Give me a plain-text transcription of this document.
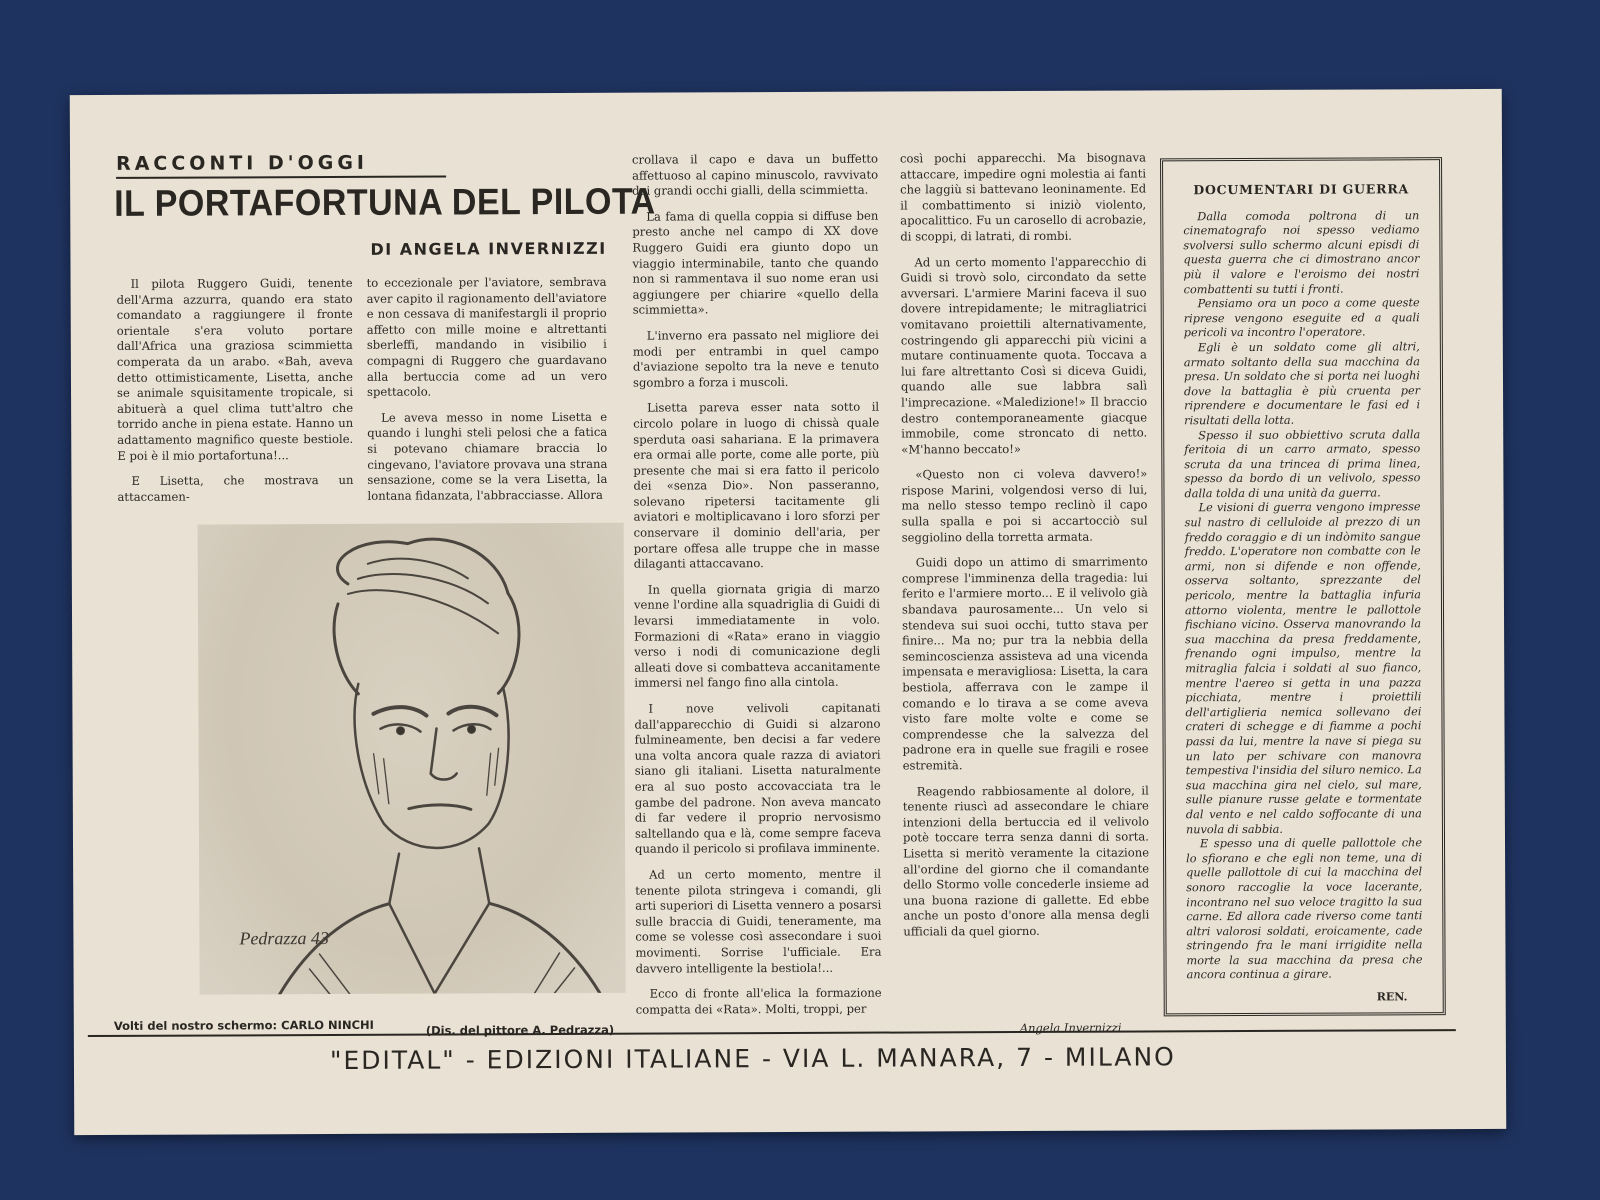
RACCONTI D'OGGI
IL PORTAFORTUNA DEL PILOTA
DI ANGELA INVERNIZZI

Il pilota Ruggero Guidi, tenente dell'Arma azzurra, quando era stato comandato a raggiungere il fronte orientale s'era voluto portare dall'Africa una graziosa scimmietta comperata da un arabo. «Bah, aveva detto ottimisticamente, Lisetta, anche se animale squisitamente tropicale, si abituerà a quel clima tutt'altro che torrido anche in piena estate. Hanno un adattamento magnifico queste bestiole. E poi è il mio portafortuna!...

E Lisetta, che mostrava un attaccamen-

to eccezionale per l'aviatore, sembrava aver capito il ragionamento dell'aviatore e non cessava di manifestargli il proprio affetto con mille moine e altrettanti sberleffi, mandando in visibilio i compagni di Ruggero che guardavano alla bertuccia come ad un vero spettacolo.

Le aveva messo in nome Lisetta e quando i lunghi steli pelosi che a fatica si potevano chiamare braccia lo cingevano, l'aviatore provava una strana sensazione, come se la vera Lisetta, la lontana fidanzata, l'abbracciasse. Allora

crollava il capo e dava un buffetto affettuoso al capino minuscolo, ravvivato dai grandi occhi gialli, della scimmietta.

La fama di quella coppia si diffuse ben presto anche nel campo di XX dove Ruggero Guidi era giunto dopo un viaggio interminabile, tanto che quando non si rammentava il suo nome eran usi aggiungere per chiarire «quello della scimmietta».

L'inverno era passato nel migliore dei modi per entrambi in quel campo d'aviazione sepolto tra la neve e tenuto sgombro a forza i muscoli.

Lisetta pareva esser nata sotto il circolo polare in luogo di chissà quale sperduta oasi sahariana. E la primavera era ormai alle porte, come alle porte, più presente che mai si era fatto il pericolo dei «senza Dio». Non passeranno, solevano ripetersi tacitamente gli aviatori e moltiplicavano i loro sforzi per conservare il dominio dell'aria, per portare offesa alle truppe che in masse dilaganti attaccavano.

In quella giornata grigia di marzo venne l'ordine alla squadriglia di Guidi di levarsi immediatamente in volo. Formazioni di «Rata» erano in viaggio verso i nodi di comunicazione degli alleati dove si combatteva accanitamente immersi nel fango fino alla cintola.

I nove velivoli capitanati dall'apparecchio di Guidi si alzarono fulmineamente, ben decisi a far vedere una volta ancora quale razza di aviatori siano gli italiani. Lisetta naturalmente era al suo posto accovacciata tra le gambe del padrone. Non aveva mancato di far vedere il proprio nervosismo saltellando qua e là, come sempre faceva quando il pericolo si profilava imminente.

Ad un certo momento, mentre il tenente pilota stringeva i comandi, gli arti superiori di Lisetta vennero a posarsi sulle braccia di Guidi, teneramente, ma come se volesse così assecondare i suoi movimenti. Sorrise l'ufficiale. Era davvero intelligente la bestiola!...

Ecco di fronte all'elica la formazione compatta dei «Rata». Molti, troppi, per

così pochi apparecchi. Ma bisognava attaccare, impedire ogni molestia ai fanti che laggiù si battevano leoninamente. Ed il combattimento si iniziò violento, apocalittico. Fu un carosello di acrobazie, di scoppi, di latrati, di rombi.

Ad un certo momento l'apparecchio di Guidi si trovò solo, circondato da sette avversari. L'armiere Marini faceva il suo dovere intrepidamente; le mitragliatrici vomitavano proiettili alternativamente, costringendo gli apparecchi più vicini a mutare continuamente quota. Toccava a lui fare altrettanto Così si diceva Guidi, quando alle sue labbra salì l'imprecazione. «Maledizione!» Il braccio destro contemporaneamente giacque immobile, come stroncato di netto. «M'hanno beccato!»

«Questo non ci voleva davvero!» rispose Marini, volgendosi verso di lui, ma nello stesso tempo reclinò il capo sulla spalla e poi si accartocciò sul seggiolino della torretta armata.

Guidi dopo un attimo di smarrimento comprese l'imminenza della tragedia: lui ferito e l'armiere morto... E il velivolo già sbandava paurosamente... Un velo si stendeva sui suoi occhi, tutto stava per finire... Ma no; pur tra la nebbia della semincoscienza assisteva ad una vicenda impensata e meravigliosa: Lisetta, la cara bestiola, afferrava con le zampe il comando e lo tirava a se come aveva visto fare molte volte e come se comprendesse che la salvezza del padrone era in quelle sue fragili e rosee estremità.

Reagendo rabbiosamente al dolore, il tenente riuscì ad assecondare le chiare intenzioni della bertuccia ed il velivolo potè toccare terra senza danni di sorta. Lisetta si meritò veramente la citazione all'ordine del giorno che il comandante dello Stormo volle concederle insieme ad una buona razione di gallette. Ed ebbe anche un posto d'onore alla mensa degli ufficiali da quel giorno.

Angela Invernizzi
Pedrazza 43
Volti del nostro schermo: CARLO NINCHI	(Dis. del pittore A. Pedrazza)
DOCUMENTARI DI GUERRA

Dalla comoda poltrona di un cinematografo noi spesso vediamo svolversi sullo schermo alcuni episdi di questa guerra che ci dimostrano ancor più il valore e l'eroismo dei nostri combattenti su tutti i fronti.

Pensiamo ora un poco a come queste riprese vengono eseguite ed a quali pericoli va incontro l'operatore.

Egli è un soldato come gli altri, armato soltanto della sua macchina da presa. Un soldato che si porta nei luoghi dove la battaglia è più cruenta per riprendere e documentare le fasi ed i risultati della lotta.

Spesso il suo obbiettivo scruta dalla feritoia di un carro armato, spesso scruta da una trincea di prima linea, spesso da bordo di un velivolo, spesso dalla tolda di una unità da guerra.

Le visioni di guerra vengono impresse sul nastro di celluloide al prezzo di un freddo coraggio e di un indòmito sangue freddo. L'operatore non combatte con le armi, non si difende e non offende, osserva soltanto, sprezzante del pericolo, mentre la battaglia infuria attorno violenta, mentre le pallottole fischiano vicino. Osserva manovrando la sua macchina da presa freddamente, frenando ogni impulso, mentre la mitraglia falcia i soldati al suo fianco, mentre l'aereo si getta in una pazza picchiata, mentre i proiettili dell'artiglieria nemica sollevano dei crateri di schegge e di fiamme a pochi passi da lui, mentre la nave si piega su un lato per schivare con manovra tempestiva l'insidia del siluro nemico. La sua macchina gira nel cielo, sul mare, sulle pianure russe gelate e tormentate dal vento e nel caldo soffocante di una nuvola di sabbia.

E spesso una di quelle pallottole che lo sfiorano e che egli non teme, una di quelle pallottole di cui la macchina del sonoro raccoglie la voce lacerante, incontrano nel suo veloce tragitto la sua carne. Ed allora cade riverso come tanti altri valorosi soldati, eroicamente, cade stringendo fra le mani irrigidite nella morte la sua macchina da presa che ancora continua a girare.

REN.
"EDITAL" - EDIZIONI ITALIANE - VIA L. MANARA, 7 - MILANO
